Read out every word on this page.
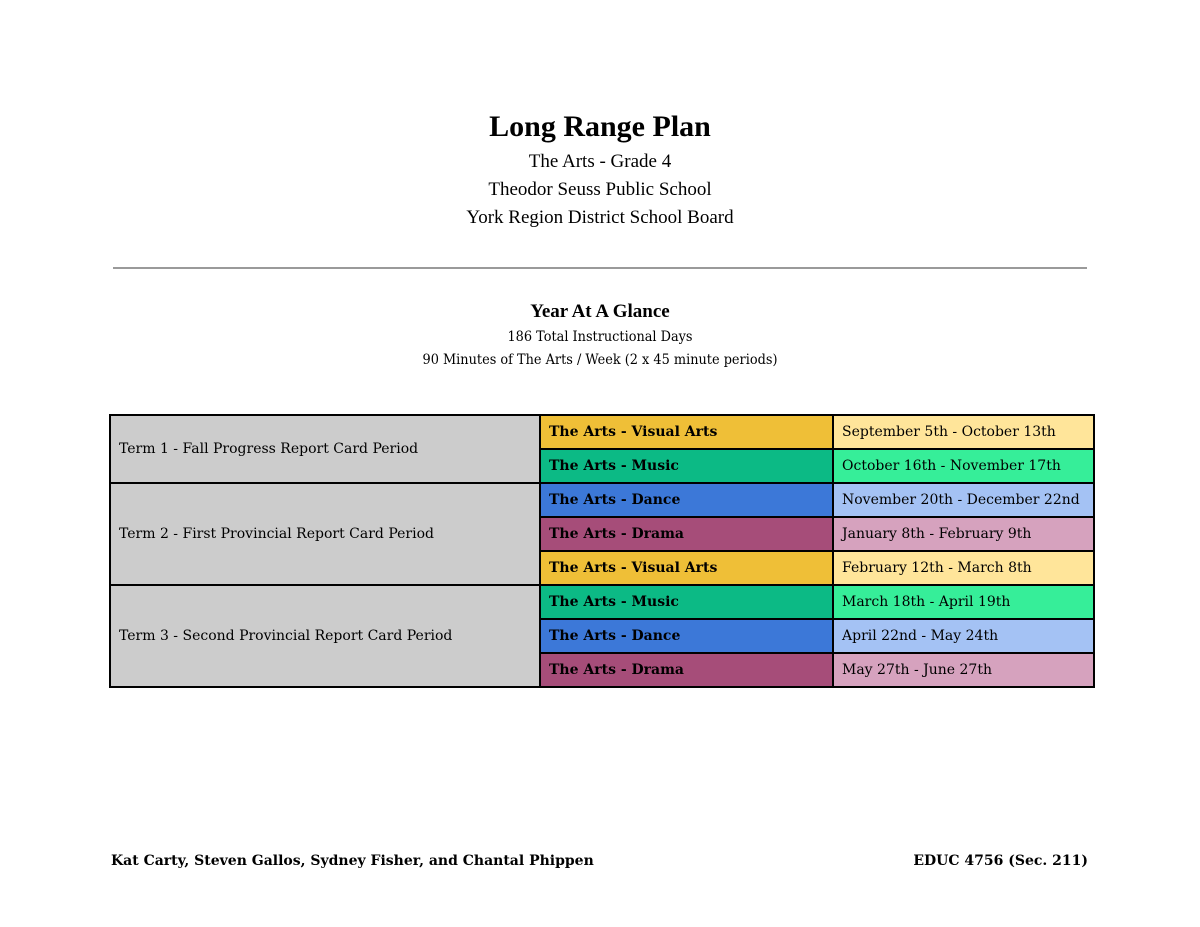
Long Range Plan
The Arts - Grade 4
Theodor Seuss Public School
York Region District School Board
Year At A Glance
186 Total Instructional Days
90 Minutes of The Arts / Week (2 x 45 minute periods)
Term 1 - Fall Progress Report Card Period	The Arts - Visual Arts	September 5th - October 13th
	The Arts - Music	October 16th - November 17th
Term 2 - First Provincial Report Card Period	The Arts - Dance	November 20th - December 22nd
	The Arts - Drama	January 8th - February 9th
	The Arts - Visual Arts	February 12th - March 8th
Term 3 - Second Provincial Report Card Period	The Arts - Music	March 18th - April 19th
	The Arts - Dance	April 22nd - May 24th
	The Arts - Drama	May 27th - June 27th
Kat Carty, Steven Gallos, Sydney Fisher, and Chantal Phippen	EDUC 4756 (Sec. 211)
